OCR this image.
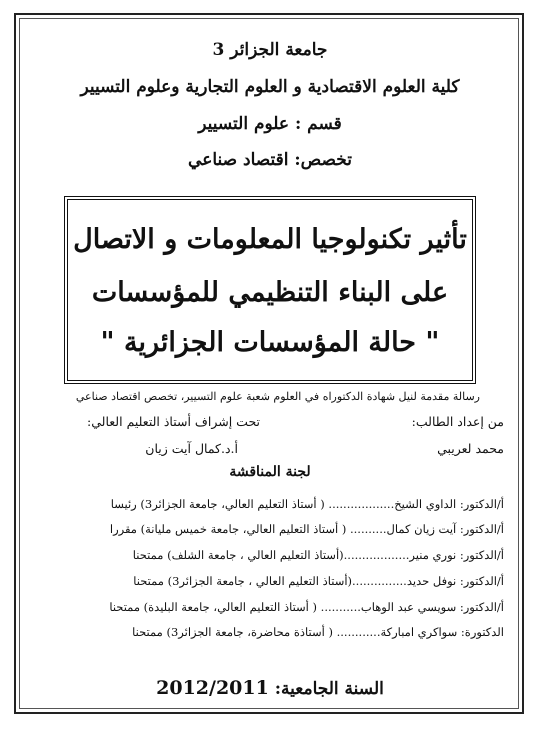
جامعة الجزائر 3
كلية العلوم الاقتصادية و العلوم التجارية وعلوم التسيير
قسم : علوم التسيير
تخصص: اقتصاد صناعي
تأثير تكنولوجيا المعلومات و الاتصال
على البناء التنظيمي للمؤسسات
" حالة المؤسسات الجزائرية "
رسالة مقدمة لنيل شهادة الدكتوراه في العلوم شعبة علوم التسيير، تخصص اقتصاد صناعي
من إعداد الطالب:
تحت إشراف أستاذ التعليم العالي:
محمد لعريبي
أ.د.كمال آيت زيان
لجنة المناقشة
أ/الدكتور: الداوي الشيخ.................. ( أستاذ التعليم العالي، جامعة الجزائر3) رئيسا
أ/الدكتور: آيت زيان كمال.......... ( أستاذ التعليم العالي، جامعة خميس مليانة) مقررا
أ/الدكتور: نوري منير..................(أستاذ التعليم العالي ، جامعة الشلف) ممتحنا
أ/الدكتور: نوفل حديد...............(أستاذ التعليم العالي ، جامعة الجزائر3) ممتحنا
أ/الدكتور: سويسي عبد الوهاب........... ( أستاذ التعليم العالي، جامعة البليدة) ممتحنا
الدكتورة: سواكري امباركة............ ( أستاذة محاضرة، جامعة الجزائر3) ممتحنا
السنة الجامعية: 2012/2011
